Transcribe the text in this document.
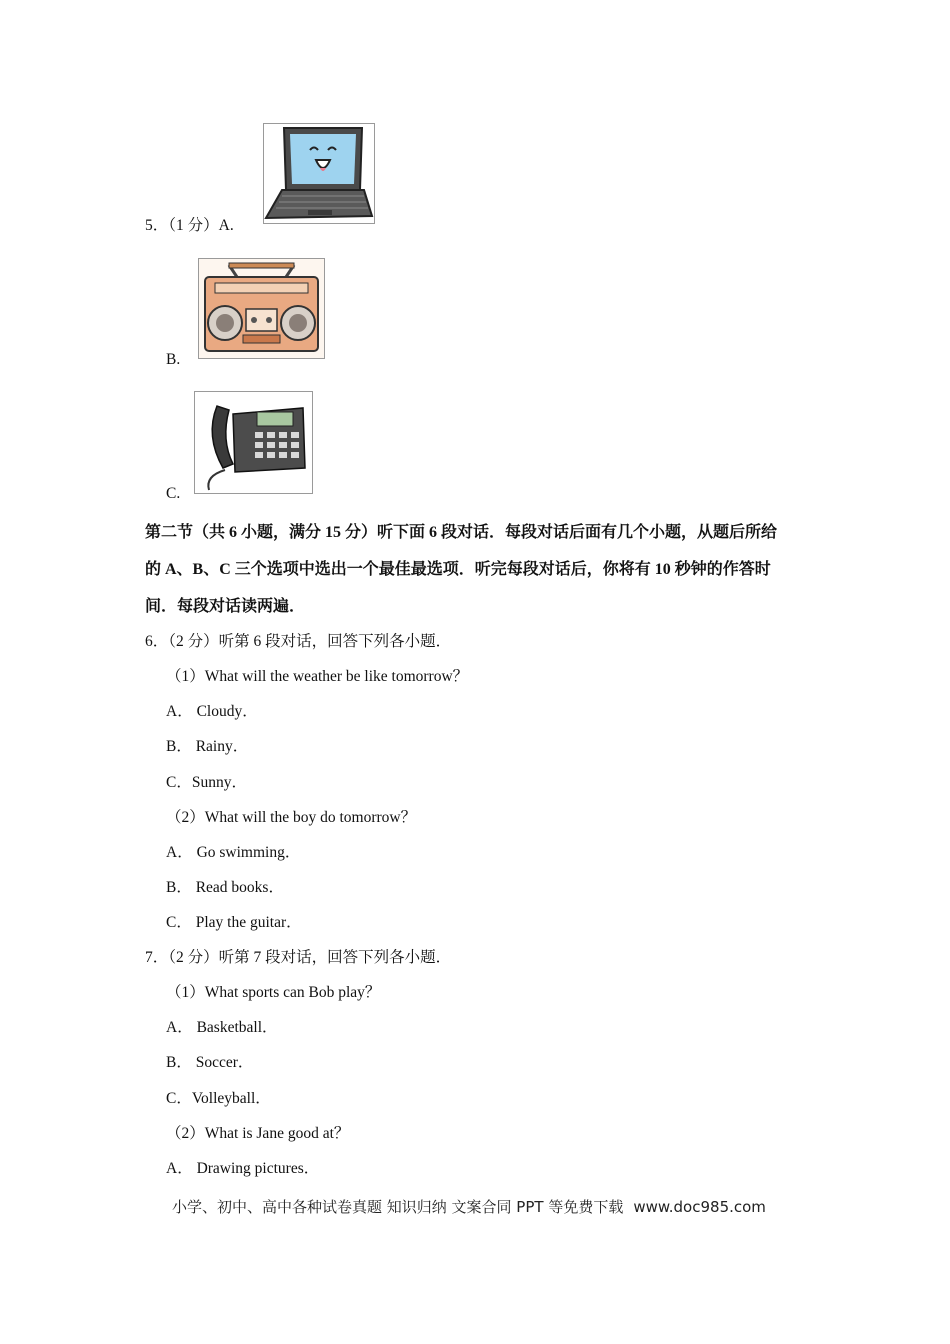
5．（1 分）A.
B.
C.
第二节（共 6 小题，满分 15 分）听下面 6 段对话．每段对话后面有几个小题，从题后所给
的 A、B、C 三个选项中选出一个最佳最选项．听完每段对话后，你将有 10 秒钟的作答时
间．每段对话读两遍．
6．（2 分）听第 6 段对话，回答下列各小题．
（1）What will the weather be like tomorrow？
A． Cloudy．
B． Rainy．
C．Sunny．
（2）What will the boy do tomorrow？
A． Go swimming．
B． Read books．
C． Play the guitar．
7．（2 分）听第 7 段对话，回答下列各小题．
（1）What sports can Bob play？
A． Basketball．
B． Soccer．
C．Volleyball．
（2）What is Jane good at？
A． Drawing pictures．
小学、初中、高中各种试卷真题 知识归纳 文案合同 PPT 等免费下载 www.doc985.com
